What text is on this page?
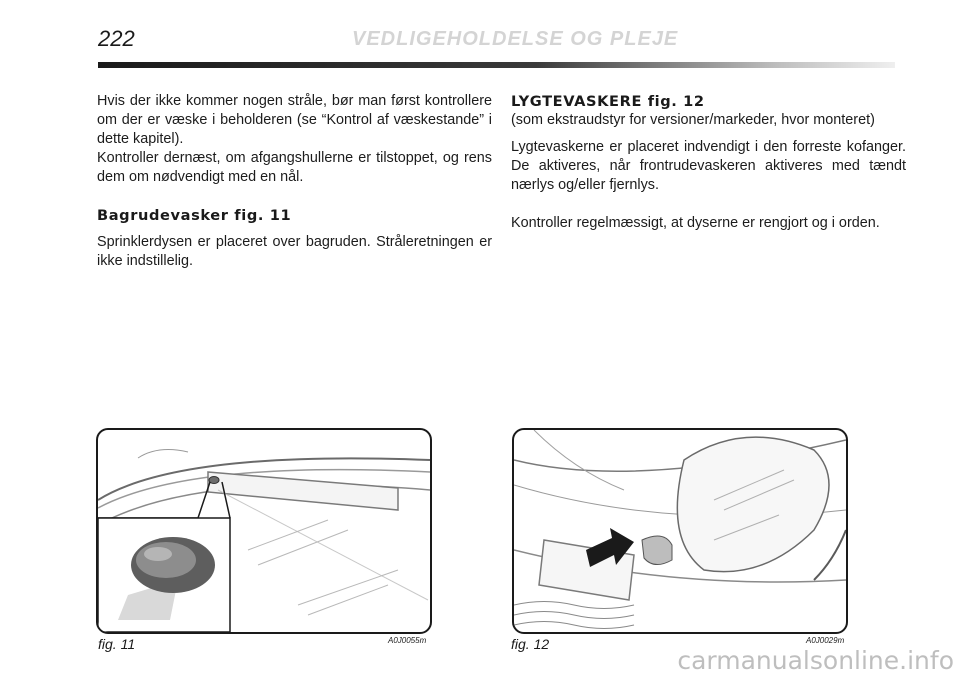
222	VEDLIGEHOLDELSE OG PLEJE

Hvis der ikke kommer nogen stråle, bør man først kontrollere om der er væske i beholderen (se “Kontrol af væskestande” i dette kapitel).

Kontroller dernæst, om afgangshullerne er tilstoppet, og rens dem om nødvendigt med en nål.

Bagrudevasker fig. 11

Sprinklerdysen er placeret over bagruden. Stråleretningen er ikke indstillelig.

LYGTEVASKERE fig. 12

(som ekstraudstyr for versioner/markeder, hvor monteret)

Lygtevaskerne er placeret indvendigt i den forreste kofanger. De aktiveres, når frontrudevaskeren aktiveres med tændt nærlys og/eller fjernlys.

Kontroller regelmæssigt, at dyserne er rengjort og i orden.

fig. 11	A0J0055m	fig. 12	A0J0029m
carmanualsonline.info
